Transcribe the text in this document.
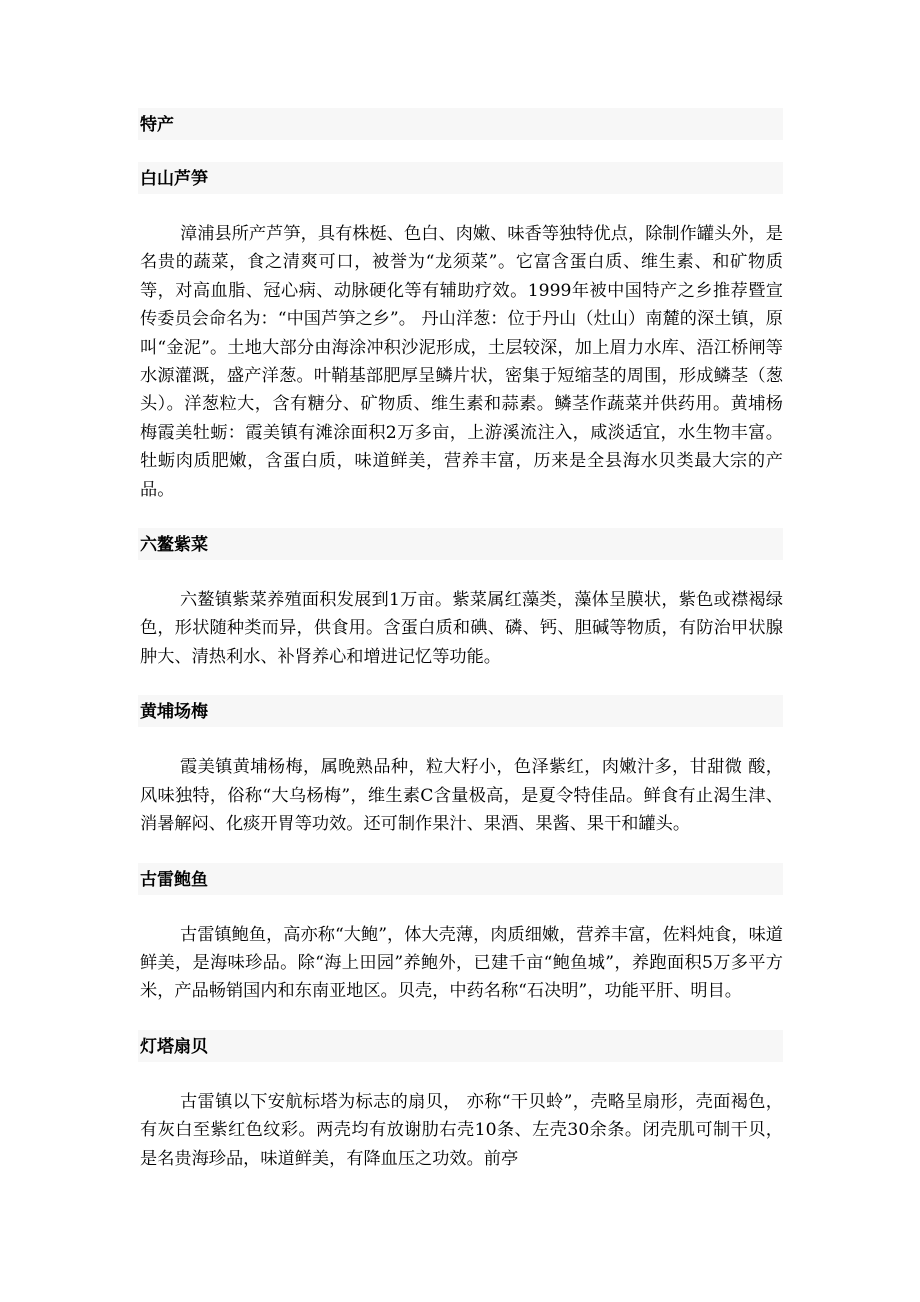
特产
白山芦笋

漳浦县所产芦笋，具有株梃、色白、肉嫩、味香等独特优点，除制作罐头外，是名贵的蔬菜，食之清爽可口，被誉为“龙须菜”。它富含蛋白质、维生素、和矿物质等，对高血脂、冠心病、动脉硬化等有辅助疗效。1999年被中国特产之乡推荐暨宣传委员会命名为：“中国芦笋之乡”。 丹山洋葱：位于丹山（灶山）南麓的深土镇，原叫“金泥”。土地大部分由海涂冲积沙泥形成，土层较深，加上眉力水库、浯江桥闸等水源灌溉，盛产洋葱。叶鞘基部肥厚呈鳞片状，密集于短缩茎的周围，形成鳞茎（葱头）。洋葱粒大，含有糖分、矿物质、维生素和蒜素。鳞茎作蔬菜并供药用。黄埔杨梅霞美牡蛎：霞美镇有滩涂面积2万多亩，上游溪流注入，咸淡适宜，水生物丰富。 牡蛎肉质肥嫩，含蛋白质，味道鲜美，营养丰富，历来是全县海水贝类最大宗的产品。

六鳌紫菜

六鳌镇紫菜养殖面积发展到1万亩。紫菜属红藻类，藻体呈膜状，紫色或襟褐绿色，形状随种类而异，供食用。含蛋白质和碘、磷、钙、胆碱等物质，有防治甲状腺肿大、清热利水、补肾养心和增进记忆等功能。

黄埔场梅

霞美镇黄埔杨梅，属晚熟品种，粒大籽小，色泽紫红，肉嫩汁多，甘甜微 酸，风味独特，俗称“大乌杨梅”，维生素C含量极高，是夏令特佳品。鲜食有止渴生津、消暑解闷、化痰开胃等功效。还可制作果汁、果酒、果酱、果干和罐头。

古雷鲍鱼

古雷镇鲍鱼，高亦称“大鲍”，体大壳薄，肉质细嫩，营养丰富，佐料炖食，味道鲜美，是海味珍品。除“海上田园”养鲍外，已建千亩“鲍鱼城”，养跑面积5万多平方米，产品畅销国内和东南亚地区。贝壳，中药名称“石决明”，功能平肝、明目。

灯塔扇贝

古雷镇以下安航标塔为标志的扇贝， 亦称“干贝蛉”，壳略呈扇形，壳面褐色，有灰白至紫红色纹彩。两壳均有放谢肋右壳10条、左壳30余条。闭壳肌可制干贝，是名贵海珍品，味道鲜美，有降血压之功效。前亭
